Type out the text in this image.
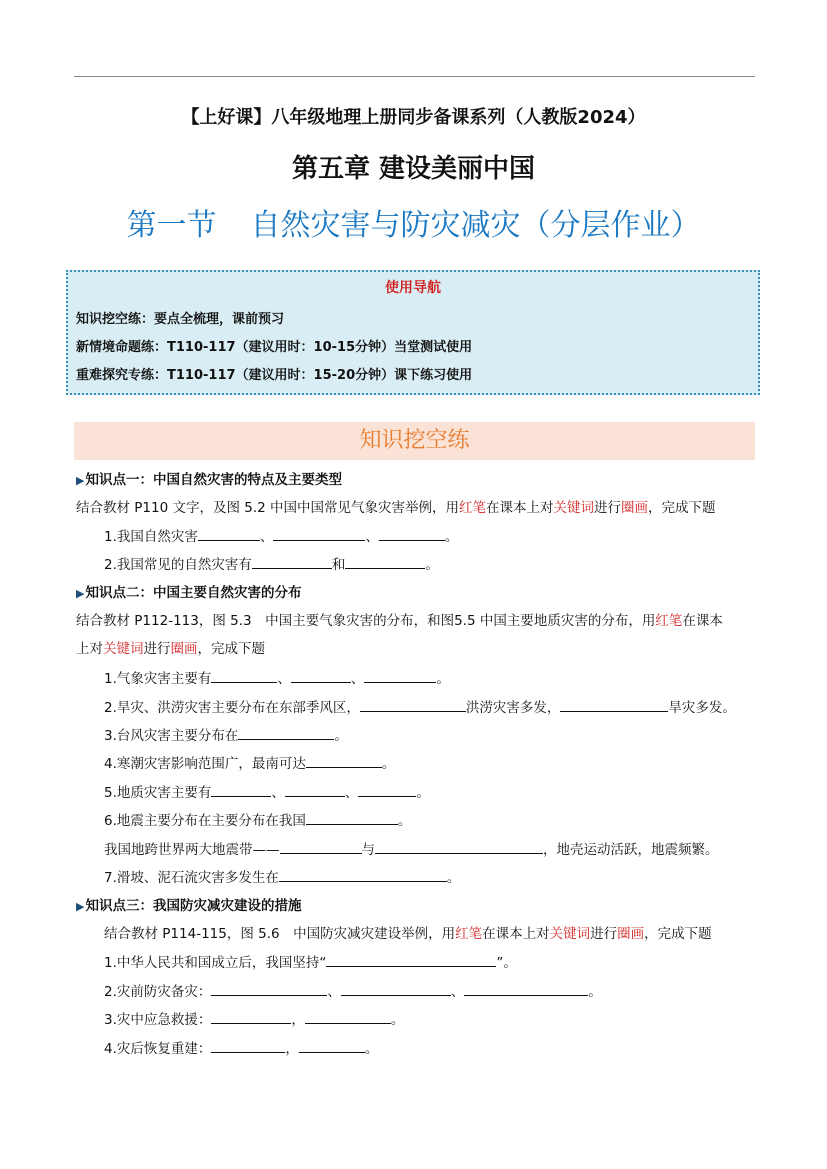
【上好课】八年级地理上册同步备课系列（人教版2024）
第五章 建设美丽中国
第一节 自然灾害与防灾减灾（分层作业）
使用导航
知识挖空练：要点全梳理，课前预习
新情境命题练：T110-117（建议用时：10-15分钟）当堂测试使用
重难探究专练：T110-117（建议用时：15-20分钟）课下练习使用
知识挖空练
▶知识点一：中国自然灾害的特点及主要类型
结合教材 P110 文字，及图 5.2 中国中国常见气象灾害举例，用红笔在课本上对关键词进行圈画，完成下题
1.我国自然灾害	、	、	。
2.我国常见的自然灾害有	和	。
▶知识点二：中国主要自然灾害的分布
结合教材 P112-113，图 5.3　中国主要气象灾害的分布，和图5.5 中国主要地质灾害的分布，用红笔在课本
上对关键词进行圈画，完成下题
1.气象灾害主要有	、	、	。
2.旱灾、洪涝灾害主要分布在东部季风区，	洪涝灾害多发，	旱灾多发。
3.台风灾害主要分布在	。
4.寒潮灾害影响范围广，最南可达	。
5.地质灾害主要有	、	、	。
6.地震主要分布在主要分布在我国	。
我国地跨世界两大地震带——	与	，地壳运动活跃，地震频繁。
7.滑坡、泥石流灾害多发生在	。
▶知识点三：我国防灾减灾建设的措施
结合教材 P114-115，图 5.6　中国防灾减灾建设举例，用红笔在课本上对关键词进行圈画，完成下题
1.中华人民共和国成立后，我国坚持“	”。
2.灾前防灾备灾：	、	、	。
3.灾中应急救援：	，	。
4.灾后恢复重建：	，	。
